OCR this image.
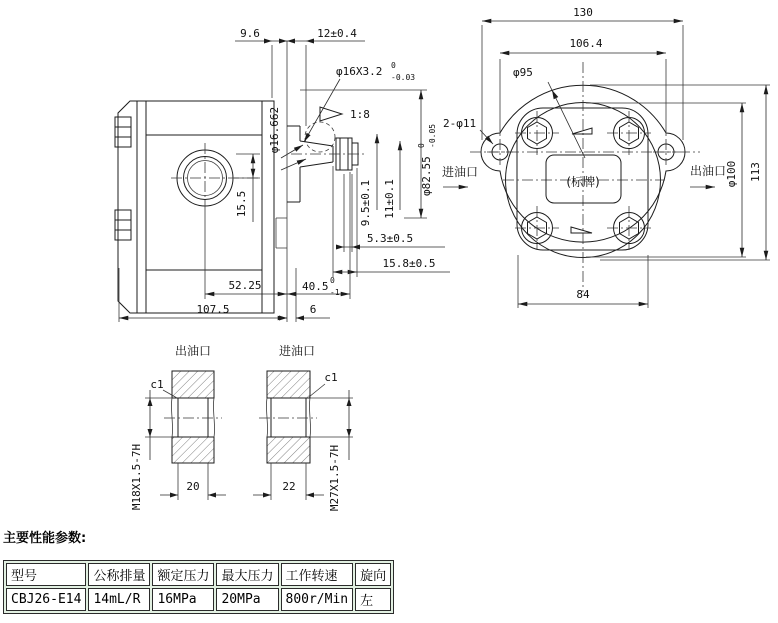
9.6	12±0.4
φ16X3.2 0
-0.03
1:8
φ16.662
15.5	9.5±0.1 11±0.1
φ82.55
0 -0.05
5.3±0.5
15.8±0.5
40.5 0
-1
52.25
107.5	6
(标牌)
130
106.4
φ95
2-φ11
113
φ100
84
进油口	出油口
出油口
c1
M18X1.5-7H	20
进油口
c1
M27X1.5-7H
22
主要性能参数:
型号	公称排量	额定压力	最大压力	工作转速	旋向
CBJ26-E14	14mL/R	16MPa	20MPa	800r/Min	左
